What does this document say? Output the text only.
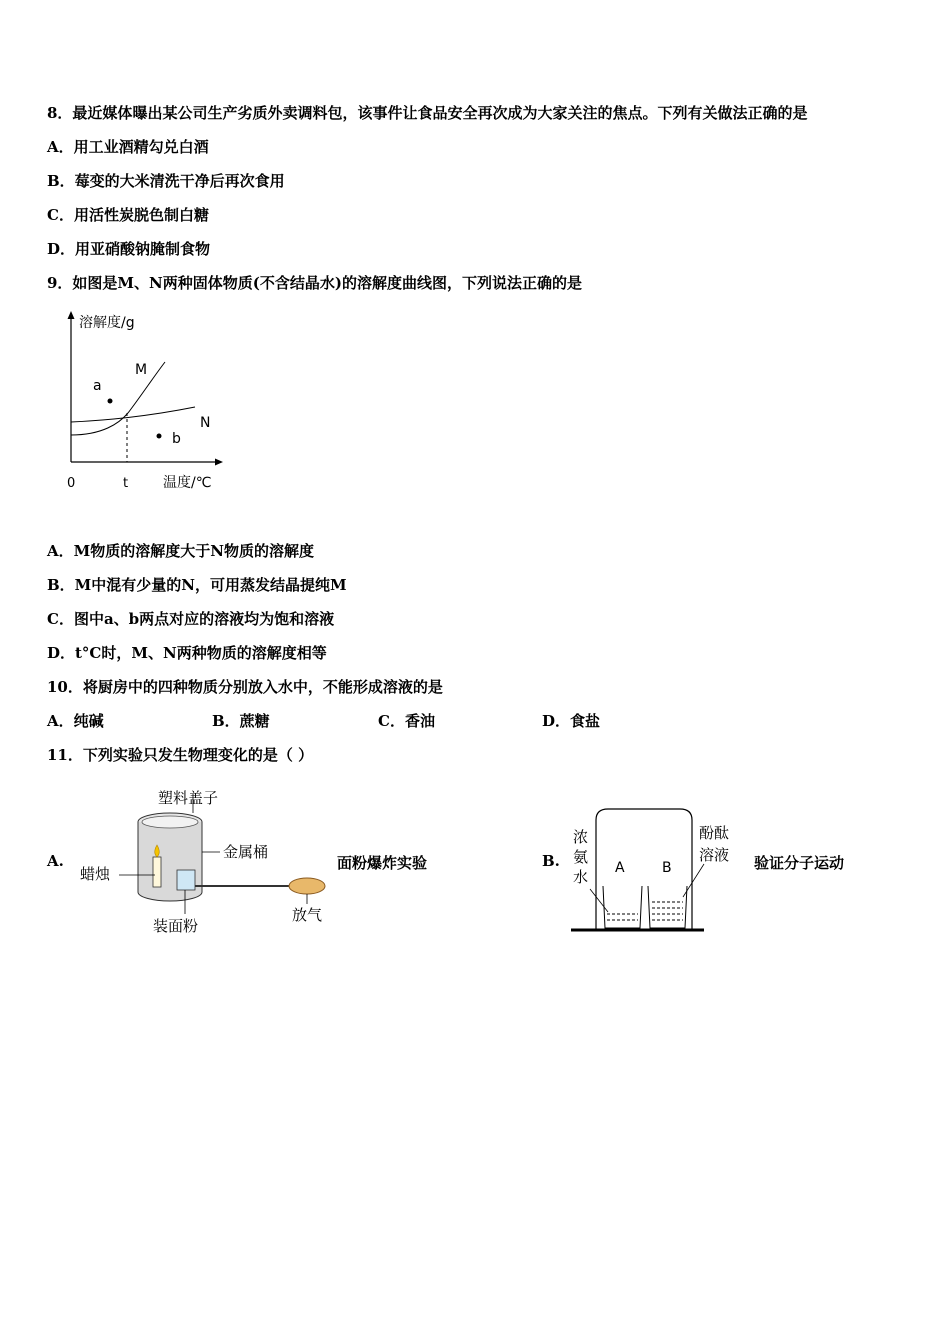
8．最近媒体曝出某公司生产劣质外卖调料包，该事件让食品安全再次成为大家关注的焦点。下列有关做法正确的是
A．用工业酒精勾兑白酒
B．莓变的大米清洗干净后再次食用
C．用活性炭脱色制白糖
D．用亚硝酸钠腌制食物
9．如图是M、N两种固体物质(不含结晶水)的溶解度曲线图，下列说法正确的是
溶解度/g
M
N
a
b
0	t 温度/℃
A．M物质的溶解度大于N物质的溶解度
B．M中混有少量的N，可用蒸发结晶提纯M
C．图中a、b两点对应的溶液均为饱和溶液
D．t°C时，M、N两种物质的溶解度相等
10．将厨房中的四种物质分别放入水中，不能形成溶液的是
A．纯碱	B．蔗糖	C．香油	D．食盐
11．下列实验只发生物理变化的是（ ）
A.
塑料盖子
金属桶
蜡烛
装面粉
放气
面粉爆炸实验	B.
浓
氨
水 A	B
酚酞
溶液 验证分子运动
